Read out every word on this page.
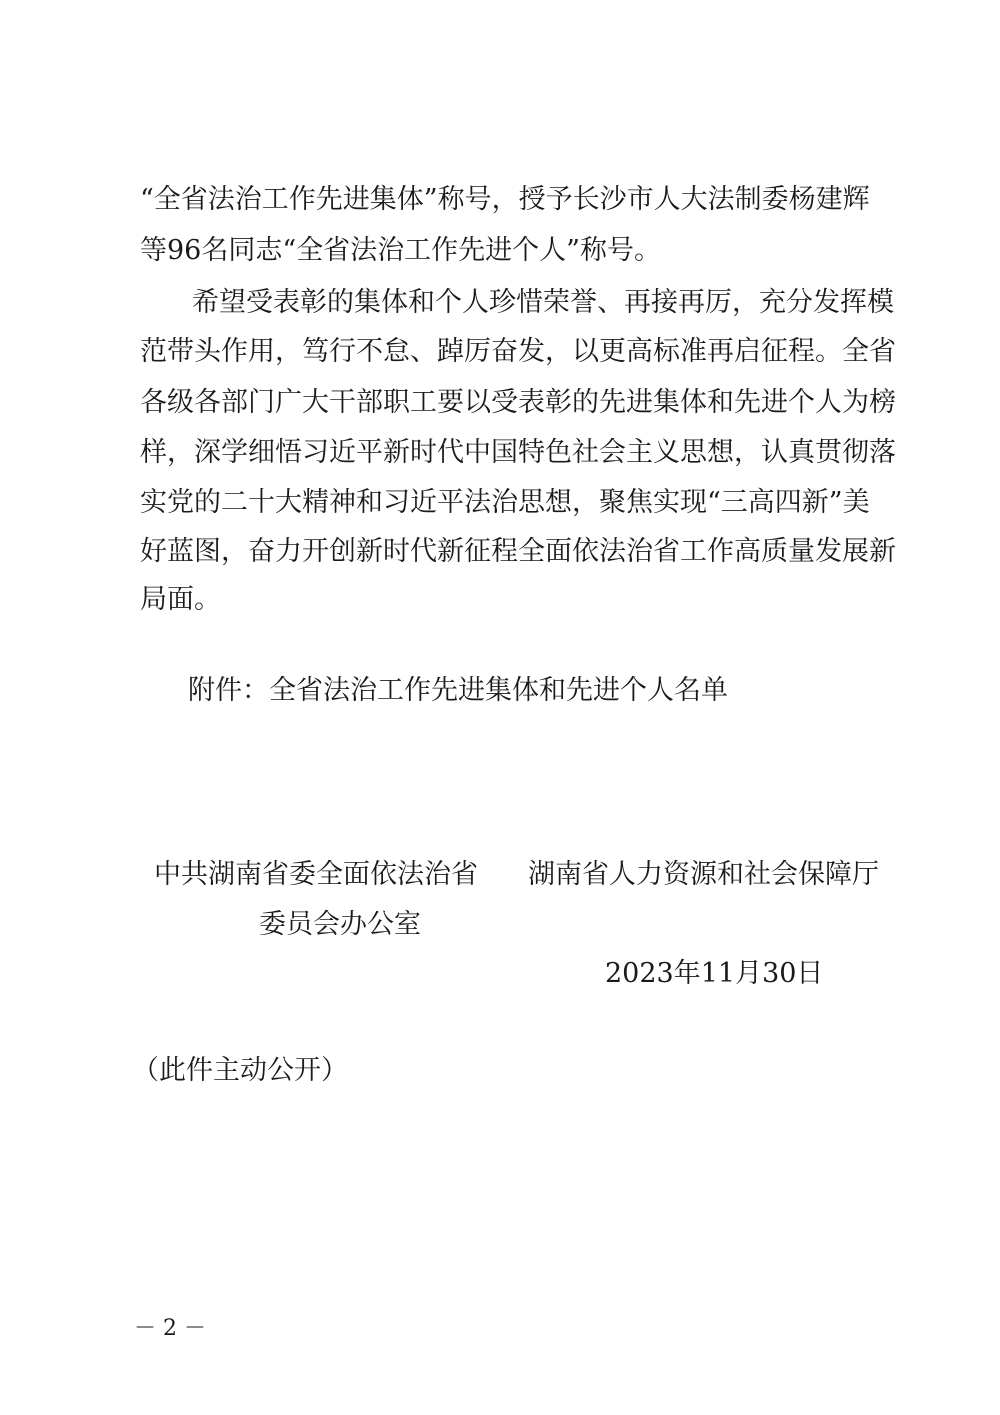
“全省法治工作先进集体”称号，授予长沙市人大法制委杨建辉

等96名同志“全省法治工作先进个人”称号。

希望受表彰的集体和个人珍惜荣誉、再接再厉，充分发挥模

范带头作用，笃行不怠、踔厉奋发，以更高标准再启征程。全省

各级各部门广大干部职工要以受表彰的先进集体和先进个人为榜

样，深学细悟习近平新时代中国特色社会主义思想，认真贯彻落

实党的二十大精神和习近平法治思想，聚焦实现“三高四新”美

好蓝图，奋力开创新时代新征程全面依法治省工作高质量发展新

局面。

附件：全省法治工作先进集体和先进个人名单

中共湖南省委全面依法治省

委员会办公室

湖南省人力资源和社会保障厅

2023年11月30日

（此件主动公开）

－ 2 －
